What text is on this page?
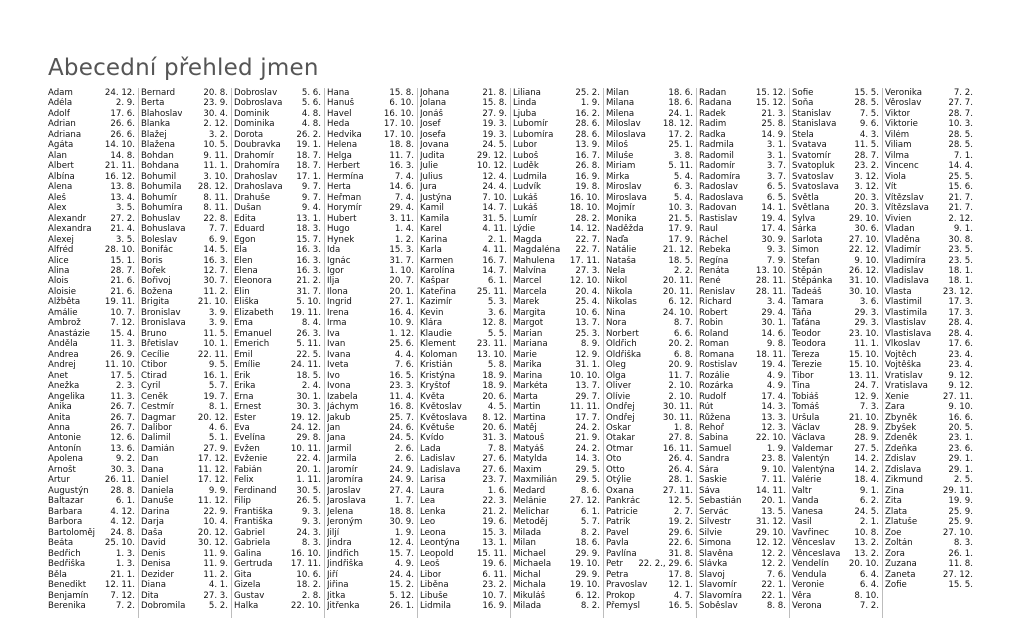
Abecední přehled jmen
Adam	24. 12.
Adéla	2. 9.
Adolf	17. 6.
Adrian	26. 6.
Adriana	26. 6.
Agáta	14. 10.
Alan	14. 8.
Albert	21. 11.
Albína	16. 12.
Alena	13. 8.
Aleš	13. 4.
Alex	3. 5.
Alexandr	27. 2.
Alexandra 21. 4.
Alexej	3. 5.
Alfréd	28. 10.
Alice	15. 1.
Alina	28. 7.
Alois	21. 6.
Aloisie	21. 6.
Alžběta	19. 11.
Amálie	10. 7.
Ambrož	7. 12.
Anastázie 15. 4.
Anděla	11. 3.
Andrea	26. 9.
Andrej	11. 10.
Anet	17. 5.
Anežka	2. 3.
Angelika	11. 3.
Anika	26. 7.
Anita	26. 7.
Anna	26. 7.
Antonie	12. 6.
Antonín	13. 6.
Apolena	9. 2.
Arnošt	30. 3.
Artur	26. 11.
Augustýn	28. 8.
Baltazar	6. 1.
Barbara	4. 12.
Barbora	4. 12.
Bartoloměj 24. 8.
Beáta	25. 10.
Bedřich	1. 3.
Bedřiška	1. 3.
Běla	21. 1.
Benedikt 12. 11.
Benjamín	7. 12.
Berenika	7. 2.
Bernard	20. 8.
Berta	23. 9.
Blahoslav 30. 4.
Blanka	2. 12.
Blažej	3. 2.
Blažena	10. 5.
Bohdan	9. 11.
Bohdana	11. 1.
Bohumil	3. 10.
Bohumila 28. 12.
Bohumír	8. 11.
Bohumíra 8. 11.
Bohuslav	22. 8.
Bohuslava	7. 7.
Boleslav	6. 9.
Bonifác	14. 5.
Boris	16. 3.
Bořek	12. 7.
Bořivoj	30. 7.
Božena	11. 2.
Brigita	21. 10.
Bronislav	3. 9.
Bronislava	3. 9.
Bruno	11. 5.
Břetislav	10. 1.
Cecílie	22. 11.
Ctibor	9. 5.
Ctirad	16. 1.
Cyril	5. 7.
Čeněk	19. 7.
Čestmír	8. 1.
Dagmar	20. 12.
Dalibor	4. 6.
Dalimil	5. 1.
Damián	27. 9.
Dan	17. 12.
Dana	11. 12.
Daniel	17. 12.
Daniela	9. 9.
Danuše	11. 12.
Darina	22. 9.
Darja	10. 4.
Daša	20. 12.
David	30. 12.
Denis	11. 9.
Denisa	11. 9.
Dezider	11. 2.
Diana	4. 1.
Dita	27. 3.
Dobromila	5. 2.
Dobroslav	5. 6.
Dobroslava 5. 6.
Dominik	4. 8.
Dominika	4. 8.
Dorota	26. 2.
Doubravka 19. 1.
Drahomír	18. 7.
Drahomíra 18. 7.
Drahoslav 17. 1.
Drahoslava 9. 7.
Drahuše	9. 7.
Dušan	9. 4.
Edita	13. 1.
Eduard	18. 3.
Egon	15. 7.
Ela	16. 3.
Elen	16. 3.
Elena	16. 3.
Eleonora	21. 2.
Elin	31. 7.
Eliška	5. 10.
Elizabeth 19. 11.
Ema	8. 4.
Emanuel	26. 3.
Emerich	5. 11.
Emil	22. 5.
Emílie	24. 11.
Erik	18. 5.
Erika	2. 4.
Erna	30. 1.
Ernest	30. 3.
Ester	19. 12.
Eva	24. 12.
Evelína	29. 8.
Evžen	10. 11.
Evženie	22. 4.
Fabián	20. 1.
Felix	1. 11.
Ferdinand 30. 5.
Filip	26. 5.
Františka	9. 3.
Františka	9. 3.
Gabriel	24. 3.
Gabriela	8. 3.
Galina	16. 10.
Gertruda 17. 11.
Gita	10. 6.
Gizela	18. 2.
Gustav	2. 8.
Halka	22. 10.
Hana	15. 8.
Hanuš	6. 10.
Havel	16. 10.
Heda	17. 10.
Hedvika	17. 10.
Helena	18. 8.
Helga	11. 7.
Herbert	16. 3.
Hermína	7. 4.
Herta	14. 6.
Heřman	7. 4.
Horymír	29. 4.
Hubert	3. 11.
Hugo	1. 4.
Hynek	1. 2.
Ida	15. 3.
Ignác	31. 7.
Igor	1. 10.
Ilja	20. 7.
Ilona	20. 1.
Ingrid	27. 1.
Irena	16. 4.
Irma	10. 9.
Iva	1. 12.
Ivan	25. 6.
Ivana	4. 4.
Iveta	7. 6.
Ivo	16. 5.
Ivona	23. 3.
Izabela	11. 4.
Jáchym	16. 8.
Jakub	25. 7.
Jan	24. 6.
Jana	24. 5.
Jarmil	2. 6.
Jarmila	2. 6.
Jaromír	24. 9.
Jaromíra	24. 9.
Jaroslav	27. 4.
Jaroslava	1. 7.
Jelena	18. 8.
Jeroným	30. 9.
Jiljí	1. 9.
Jindra	12. 4.
Jindřich	15. 7.
Jindřiška	4. 9.
Jiří	24. 4.
Jiřina	15. 2.
Jitka	5. 12.
Jitřenka	26. 1.
Johana	21. 8.
Jolana	15. 8.
Jonáš	27. 9.
Josef	19. 3.
Josefa	19. 3.
Jovana	24. 5.
Judita	29. 12.
Julie	10. 12.
Julius	12. 4.
Jura	24. 4.
Justýna	7. 10.
Kamil	14. 7.
Kamila	31. 5.
Karel	4. 11.
Karina	2. 1.
Karla	4. 11.
Karmen	16. 7.
Karolína	14. 7.
Kašpar	6. 1.
Kateřina 25. 11.
Kazimír	5. 3.
Kevin	3. 6.
Klára	12. 8.
Klaudie	5. 5.
Klement 23. 11.
Koloman 13. 10.
Kristián	5. 8.
Kristýna	18. 9.
Kryštof	18. 9.
Květa	20. 6.
Květoslav	4. 5.
Květoslava 8. 12.
Květuše	20. 6.
Kvído	31. 3.
Lada	7. 8.
Ladislav	27. 6.
Ladislava	27. 6.
Larisa	23. 7.
Laura	1. 6.
Lea	22. 3.
Lenka	21. 2.
Leo	19. 6.
Leona	15. 3.
Leontýna	13. 1.
Leopold	15. 11.
Leoš	19. 6.
Libor	6. 11.
Liběna	23. 2.
Libuše	10. 7.
Lidmila	16. 9.
Liliana	25. 2.
Linda	1. 9.
Ljuba	16. 2.
Lubomír	28. 6.
Lubomíra	28. 6.
Lubor	13. 9.
Luboš	16. 7.
Luděk	26. 8.
Ludmila	16. 9.
Ludvík	19. 8.
Lukáš	16. 10.
Lukáš	18. 10.
Lumír	28. 2.
Lýdie	14. 12.
Magda	22. 7.
Magdaléna 22. 7.
Mahulena 17. 11.
Malvína	27. 3.
Marcel	12. 10.
Marcela	20. 4.
Marek	25. 4.
Margita	10. 6.
Margot	13. 7.
Marian	25. 3.
Mariana	8. 9.
Marie	12. 9.
Marika	31. 1.
Marina	10. 10.
Markéta	13. 7.
Marta	29. 7.
Martin	11. 11.
Martina	17. 7.
Matěj	24. 2.
Matouš	21. 9.
Matyáš	24. 2.
Matylda	14. 3.
Maxim	29. 5.
Maxmilián 29. 5.
Medard	8. 6.
Melánie	27. 12.
Melichar	6. 1.
Metoděj	5. 7.
Milada	8. 2.
Milan	18. 6.
Michael	29. 9.
Michaela 19. 10.
Michal	29. 9.
Michala	19. 10.
Mikuláš	6. 12.
Milada	8. 2.
Milan	18. 6.
Milana	18. 6.
Milena	24. 1.
Miloslav	18. 12.
Miloslava	17. 2.
Miloš	25. 1.
Miluše	3. 8.
Miriam	5. 11.
Mirka	5. 4.
Miroslav	6. 3.
Miroslava	5. 4.
Mojmír	10. 3.
Monika	21. 5.
Naděžda	17. 9.
Naďa	17. 9.
Natálie	21. 12.
Nataša	18. 5.
Nela	2. 2.
Nikol	20. 11.
Nikola	20. 11.
Nikolas	6. 12.
Nina	24. 10.
Nora	8. 7.
Norbert	6. 6.
Oldřich	20. 2.
Oldřiška	6. 8.
Oleg	20. 9.
Olga	11. 7.
Oliver	2. 10.
Olívie	2. 10.
Ondřej	30. 11.
Ondřej	30. 11.
Oskar	1. 8.
Otakar	27. 8.
Otmar	16. 11.
Oto	26. 4.
Otto	26. 4.
Otýlie	28. 1.
Oxana	27. 11.
Pankrác	12. 5.
Patricie	2. 7.
Patrik	19. 2.
Pavel	29. 6.
Pavla	22. 6.
Pavlína	31. 8.
Petr 22. 2., 29. 6.
Petra	17. 8.
Pravoslav 12. 1.
Prokop	4. 7.
Přemysl	16. 5.
Radan	15. 12.
Radana	15. 12.
Radek	21. 3.
Radim	25. 8.
Radka	14. 9.
Radmila	3. 1.
Radomil	3. 1.
Radomír	3. 7.
Radomíra	3. 7.
Radoslav	6. 5.
Radoslava	6. 5.
Radovan	14. 1.
Rastislav	19. 4.
Raul	17. 4.
Ráchel	30. 9.
Rebeka	9. 3.
Regína	7. 9.
Renáta	13. 10.
René	28. 11.
Renislav 28. 11.
Richard	3. 4.
Robert	29. 4.
Robin	30. 1.
Roland	14. 6.
Roman	9. 8.
Romana	18. 11.
Rostislav	19. 4.
Rozálie	4. 9.
Rozárka	4. 9.
Rudolf	17. 4.
Rút	14. 3.
Růžena	13. 3.
Řehoř	12. 3.
Sabina	22. 10.
Samuel	1. 9.
Sandra	23. 8.
Sára	9. 10.
Saskie	7. 11.
Sáva	14. 11.
Sebastián 20. 1.
Servác	13. 5.
Silvestr	31. 12.
Silvie	29. 10.
Simona	12. 12.
Slavěna	12. 2.
Slávka	12. 2.
Slavoj	7. 6.
Slavomír	22. 1.
Slavomíra 22. 1.
Soběslav	8. 8.
Sofie	15. 5.
Soňa	28. 5.
Stanislav	7. 5.
Stanislava	9. 6.
Stela	4. 3.
Svatava	11. 5.
Svatomír	28. 7.
Svatopluk 23. 2.
Svatoslav 3. 12.
Svatoslava 3. 12.
Světla	20. 3.
Světlana	20. 3.
Sylva	29. 10.
Šárka	30. 6.
Šarlota	27. 10.
Šimon	22. 12.
Štefan	9. 10.
Štěpán	26. 12.
Štěpánka 31. 10.
Tadeáš	30. 10.
Tamara	3. 6.
Táňa	29. 3.
Taťána	29. 3.
Teodor	23. 10.
Teodora	11. 1.
Tereza	15. 10.
Terezie	15. 10.
Tibor	13. 11.
Tina	24. 7.
Tobiáš	12. 9.
Tomáš	7. 3.
Uršula	21. 10.
Václav	28. 9.
Václava	28. 9.
Valdemar	27. 5.
Valentýn	14. 2.
Valentýna 14. 2.
Valérie	18. 4.
Valtr	9. 1.
Vanda	6. 2.
Vanesa	24. 5.
Vasil	2. 1.
Vavřinec	10. 8.
Věnceslav 13. 2.
Věnceslava 13. 2.
Vendelín 20. 10.
Vendula	6. 4.
Veronie	6. 4.
Věra	8. 10.
Verona	7. 2.
Veronika	7. 2.
Věroslav	27. 7.
Viktor	28. 7.
Viktorie	10. 3.
Vilém	28. 5.
Viliam	28. 5.
Vilma	7. 1.
Vincenc	14. 4.
Viola	25. 5.
Vít	15. 6.
Vítězslav	21. 7.
Vítězslava 21. 7.
Vivien	2. 12.
Vladan	9. 1.
Vladěna	30. 8.
Vladimír	23. 5.
Vladimíra	23. 5.
Vladislav	18. 1.
Vladislava 18. 1.
Vlasta	23. 12.
Vlastimil	17. 3.
Vlastimila 17. 3.
Vlastislav	28. 4.
Vlastislava 28. 4.
Vlkoslav	17. 6.
Vojtěch	23. 4.
Vojtěška	23. 4.
Vratislav	9. 12.
Vratislava 9. 12.
Xenie	27. 11.
Zara	9. 10.
Zbyněk	16. 6.
Zbyšek	20. 5.
Zdeněk	23. 1.
Zdeňka	23. 6.
Zdislav	29. 1.
Zdislava	29. 1.
Zikmund	2. 5.
Zina	29. 11.
Zita	19. 9.
Zlata	25. 9.
Zlatuše	25. 9.
Zoe	27. 10.
Zoltán	8. 3.
Zora	26. 1.
Zuzana	11. 8.
Žaneta	27. 12.
Žofie	15. 5.
